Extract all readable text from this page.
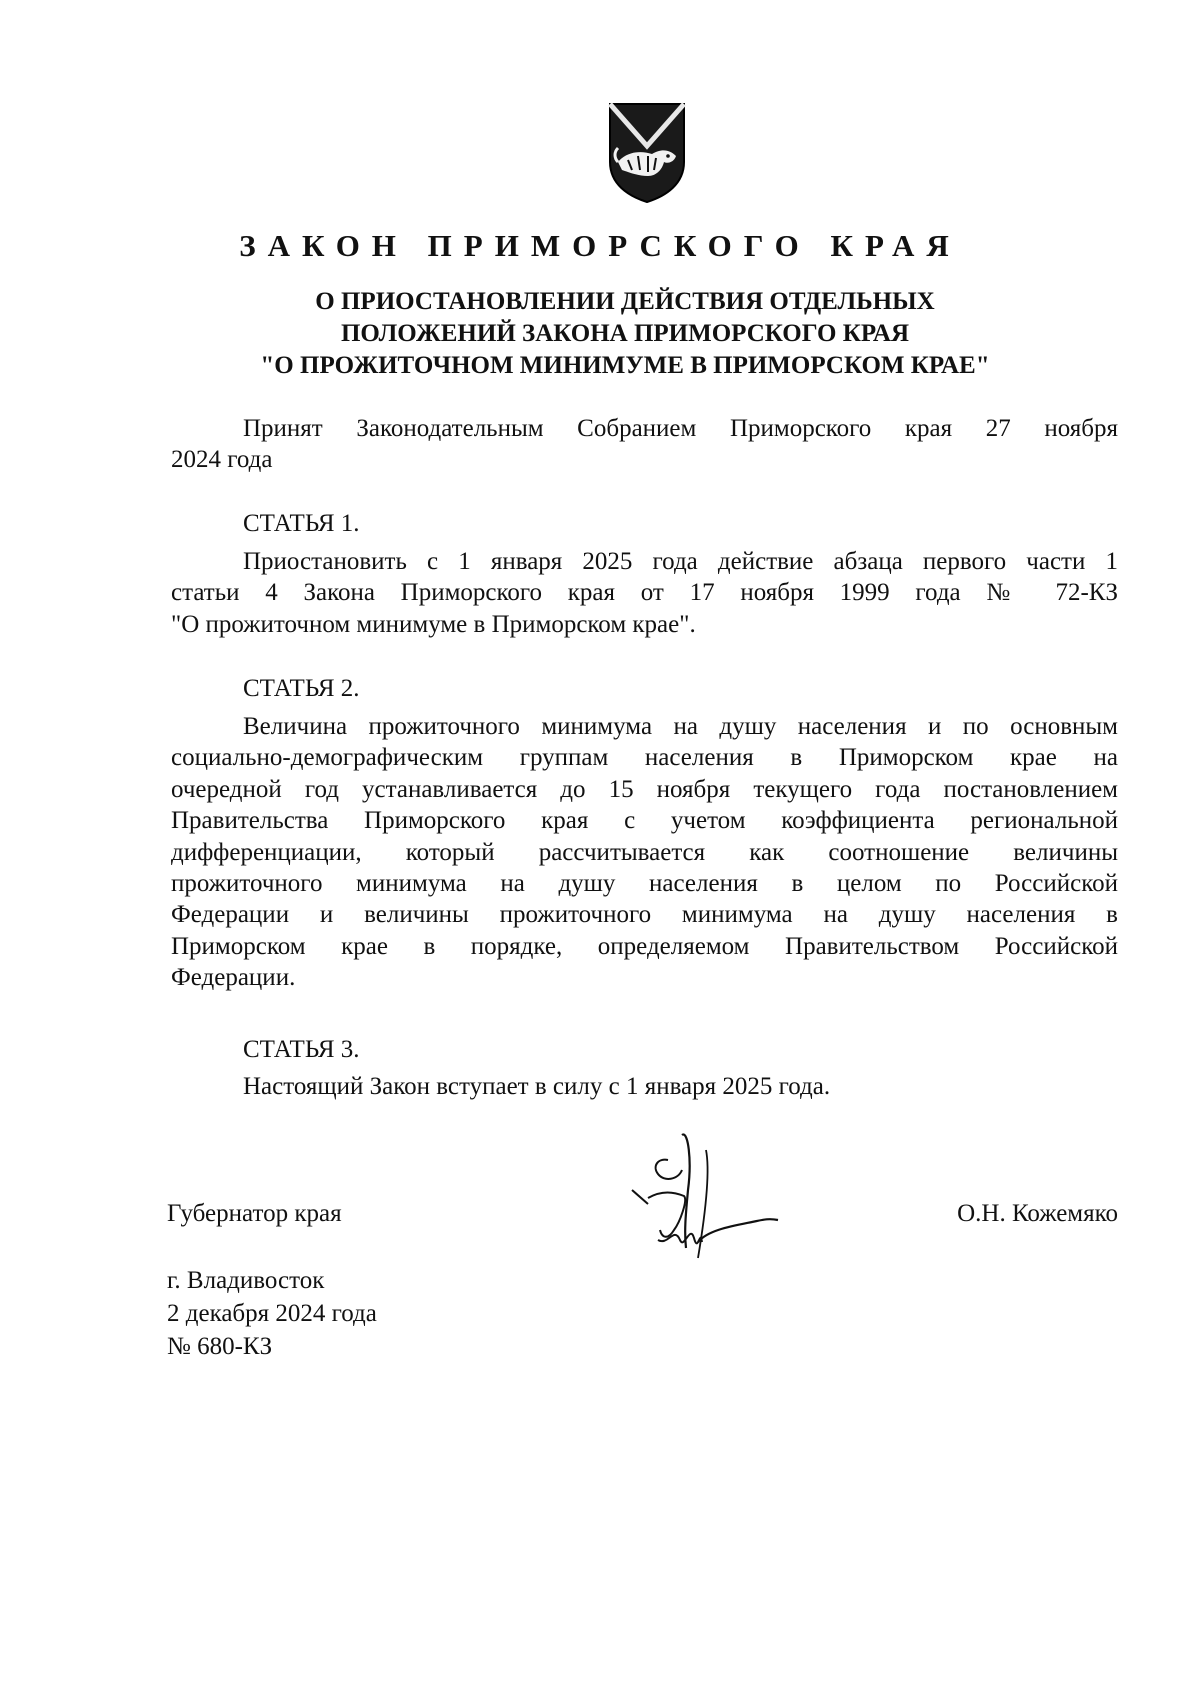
ЗАКОН ПРИМОРСКОГО КРАЯ
О ПРИОСТАНОВЛЕНИИ ДЕЙСТВИЯ ОТДЕЛЬНЫХ
ПОЛОЖЕНИЙ ЗАКОНА ПРИМОРСКОГО КРАЯ
"О ПРОЖИТОЧНОМ МИНИМУМЕ В ПРИМОРСКОМ КРАЕ"
Принят Законодательным Собранием Приморского края 27 ноября
2024 года
СТАТЬЯ 1.
Приостановить с 1 января 2025 года действие абзаца первого части 1
статьи 4 Закона Приморского края от 17 ноября 1999 года № 72-КЗ
"О прожиточном минимуме в Приморском крае".
СТАТЬЯ 2.
Величина прожиточного минимума на душу населения и по основным
социально-демографическим группам населения в Приморском крае на
очередной год устанавливается до 15 ноября текущего года постановлением
Правительства Приморского края с учетом коэффициента региональной
дифференциации, который рассчитывается как соотношение величины
прожиточного минимума на душу населения в целом по Российской
Федерации и величины прожиточного минимума на душу населения в
Приморском крае в порядке, определяемом Правительством Российской
Федерации.
СТАТЬЯ 3.
Настоящий Закон вступает в силу с 1 января 2025 года.
Губернатор края	О.Н. Кожемяко
г. Владивосток
2 декабря 2024 года
№ 680-КЗ
